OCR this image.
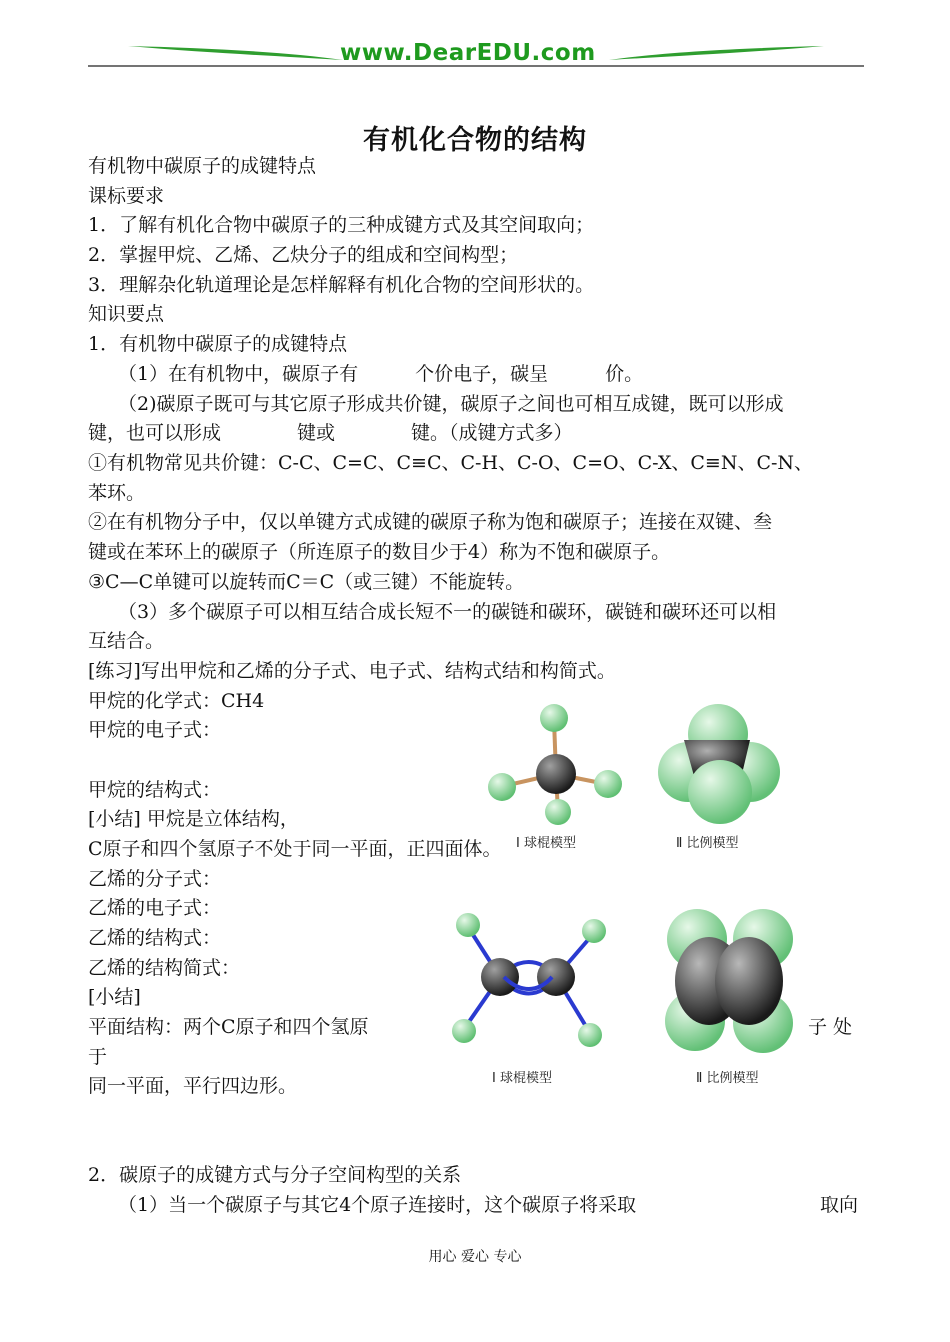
www.DearEDU.com
有机化合物的结构
有机物中碳原子的成键特点
课标要求
1．了解有机化合物中碳原子的三种成键方式及其空间取向；
2．掌握甲烷、乙烯、乙炔分子的组成和空间构型；
3．理解杂化轨道理论是怎样解释有机化合物的空间形状的。
知识要点
1．有机物中碳原子的成键特点
（1）在有机物中，碳原子有　　　个价电子，碳呈　　　价。
（2)碳原子既可与其它原子形成共价键，碳原子之间也可相互成键，既可以形成
键，也可以形成　　　　键或　　　　键。（成键方式多）
①有机物常见共价键：C-C、C=C、C≡C、C-H、C-O、C=O、C-X、C≡N、C-N、
苯环。
②在有机物分子中，仅以单键方式成键的碳原子称为饱和碳原子；连接在双键、叁
键或在苯环上的碳原子（所连原子的数目少于4）称为不饱和碳原子。
③C—C单键可以旋转而C＝C（或三键）不能旋转。
（3）多个碳原子可以相互结合成长短不一的碳链和碳环，碳链和碳环还可以相
互结合。
[练习]写出甲烷和乙烯的分子式、电子式、结构式结和构简式。
甲烷的化学式：CH4
甲烷的电子式：
甲烷的结构式：
[小结] 甲烷是立体结构，
C原子和四个氢原子不处于同一平面，正四面体。
乙烯的分子式：
乙烯的电子式：
乙烯的结构式：
乙烯的结构简式：
[小结]
平面结构：两个C原子和四个氢原	子 处
于
同一平面，平行四边形。
2．碳原子的成键方式与分子空间构型的关系
（1）当一个碳原子与其它4个原子连接时，这个碳原子将采取	取向
Ⅰ 球棍模型	Ⅱ 比例模型
Ⅰ 球棍模型	Ⅱ 比例模型
用心 爱心 专心
